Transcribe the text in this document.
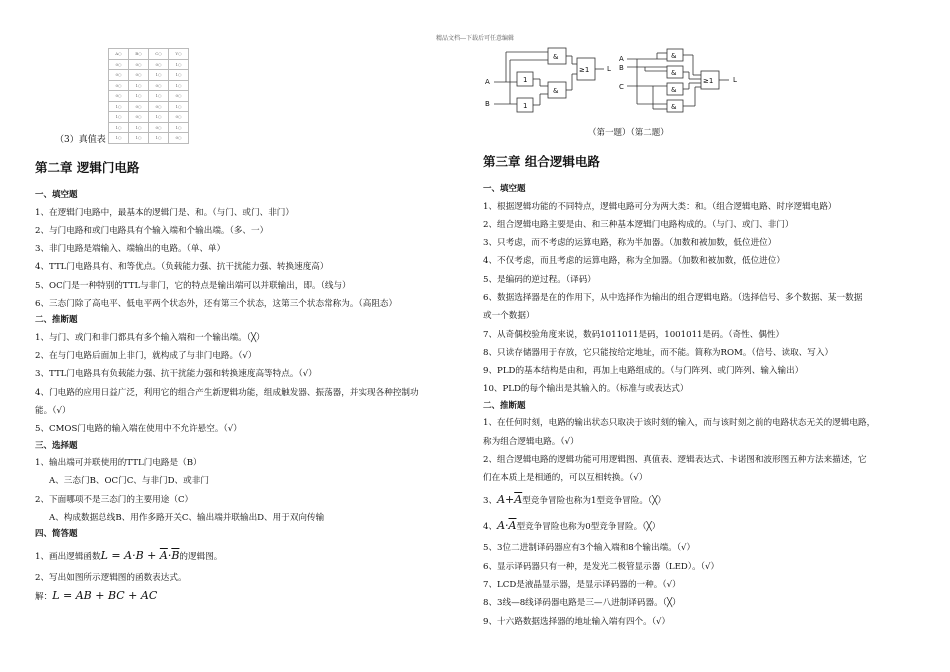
精品文档---下载后可任意编辑
A○	B○	C○	Y○
0○	0○	0○	1○
0○	0○	1○	1○
0○	1○	0○	1○
0○	1○	1○	0○
1○	0○	0○	1○
1○	0○	1○	0○
1○	1○	0○	1○
1○	1○	1○	0○
（3）真值表
A
B
1
&
1
&
≥1	L
A
B
C
&
&
&
&
≥1	L
（第一题）（第二题）
第二章 逻辑门电路
一、填空题
1、在逻辑门电路中，最基本的逻辑门是、和。（与门、或门、非门）
2、与门电路和或门电路具有个输入端和个输出端。（多、一）
3、非门电路是端输入、端输出的电路。（单、单）
4、TTL门电路具有、和等优点。（负载能力强、抗干扰能力强、转换速度高）
5、OC门是一种特别的TTL与非门，它的特点是输出端可以并联输出，即。（线与）
6、三态门除了高电平、低电平两个状态外，还有第三个状态，这第三个状态常称为。（高阻态）
二、推断题
1、与门、或门和非门都具有多个输入端和一个输出端。（╳）
2、在与门电路后面加上非门，就构成了与非门电路。（√）
3、TTL门电路具有负载能力强、抗干扰能力强和转换速度高等特点。（√）
4、门电路的应用日益广泛，利用它的组合产生新逻辑功能，组成触发器、振荡器，并实现各种控制功
能。（√）
5、CMOS门电路的输入端在使用中不允许悬空。（√）
三、选择题
1、输出端可并联使用的TTL门电路是（B）
A、三态门B、OC门C、与非门D、或非门
2、下面哪项不是三态门的主要用途（C）
A、构成数据总线B、用作多路开关C、输出端并联输出D、用于双向传输
四、简答题
1、画出逻辑函数$L = A\cdot B + \overline{A}\cdot\overline{B}$的逻辑图。
2、写出如图所示逻辑图的函数表达式。
解：L = AB + BC + AC
第三章 组合逻辑电路
一、填空题
1、根据逻辑功能的不同特点，逻辑电路可分为两大类：和。（组合逻辑电路、时序逻辑电路）
2、组合逻辑电路主要是由、和三种基本逻辑门电路构成的。（与门、或门、非门）
3、只考虑，而不考虑的运算电路，称为半加器。（加数和被加数，低位进位）
4、不仅考虑，而且考虑的运算电路，称为全加器。（加数和被加数，低位进位）
5、是编码的逆过程。（译码）
6、数据选择器是在的作用下，从中选择作为输出的组合逻辑电路。（选择信号、多个数据、某一数据
或一个数据）
7、从奇偶校验角度来说，数码1011011是码，1001011是码。（奇性、偶性）
8、只读存储器用于存放，它只能按给定地址，而不能。简称为ROM。（信号、读取、写入）
9、PLD的基本结构是由和，再加上电路组成的。（与门阵列、或门阵列、输入输出）
10、PLD的每个输出是其输入的。（标准与或表达式）
二、推断题
1、在任何时刻，电路的输出状态只取决于该时刻的输入，而与该时刻之前的电路状态无关的逻辑电路，
称为组合逻辑电路。（√）
2、组合逻辑电路的逻辑功能可用逻辑图、真值表、逻辑表达式、卡诺图和波形图五种方法来描述，它
们在本质上是相通的，可以互相转换。（√）
3、$A+\overline{A}$型竞争冒险也称为1型竞争冒险。（╳）
4、$A\cdot\overline{A}$型竞争冒险也称为0型竞争冒险。（╳）
5、3位二进制译码器应有3个输入端和8个输出端。（√）
6、显示译码器只有一种，是发光二极管显示器（LED）。（√）
7、LCD是液晶显示器，是显示译码器的一种。（√）
8、3线—8线译码器电路是三—八进制译码器。（╳）
9、十六路数据选择器的地址输入端有四个。（√）
